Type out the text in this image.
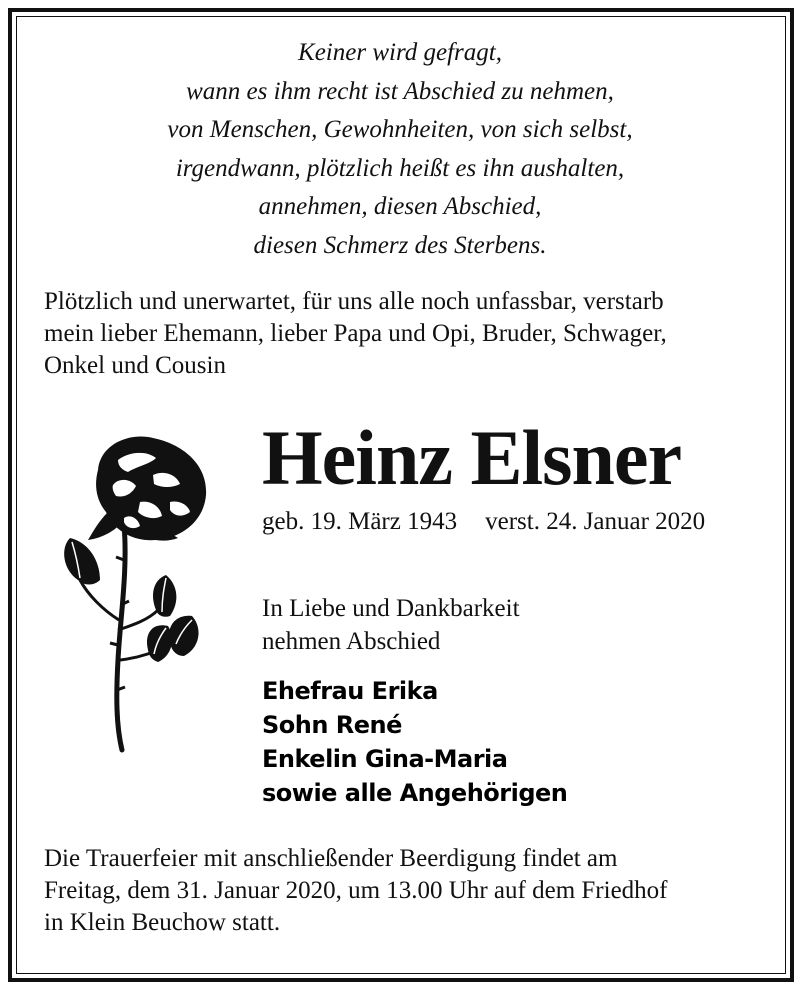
Keiner wird gefragt,
wann es ihm recht ist Abschied zu nehmen,
von Menschen, Gewohnheiten, von sich selbst,
irgendwann, plötzlich heißt es ihn aushalten,
annehmen, diesen Abschied,
diesen Schmerz des Sterbens.
Plötzlich und unerwartet, für uns alle noch unfassbar, verstarb
mein lieber Ehemann, lieber Papa und Opi, Bruder, Schwager,
Onkel und Cousin
Heinz Elsner
geb. 19. März 1943 verst. 24. Januar 2020
In Liebe und Dankbarkeit
nehmen Abschied
Ehefrau Erika
Sohn René
Enkelin Gina-Maria
sowie alle Angehörigen
Die Trauerfeier mit anschließender Beerdigung findet am
Freitag, dem 31. Januar 2020, um 13.00 Uhr auf dem Friedhof
in Klein Beuchow statt.
